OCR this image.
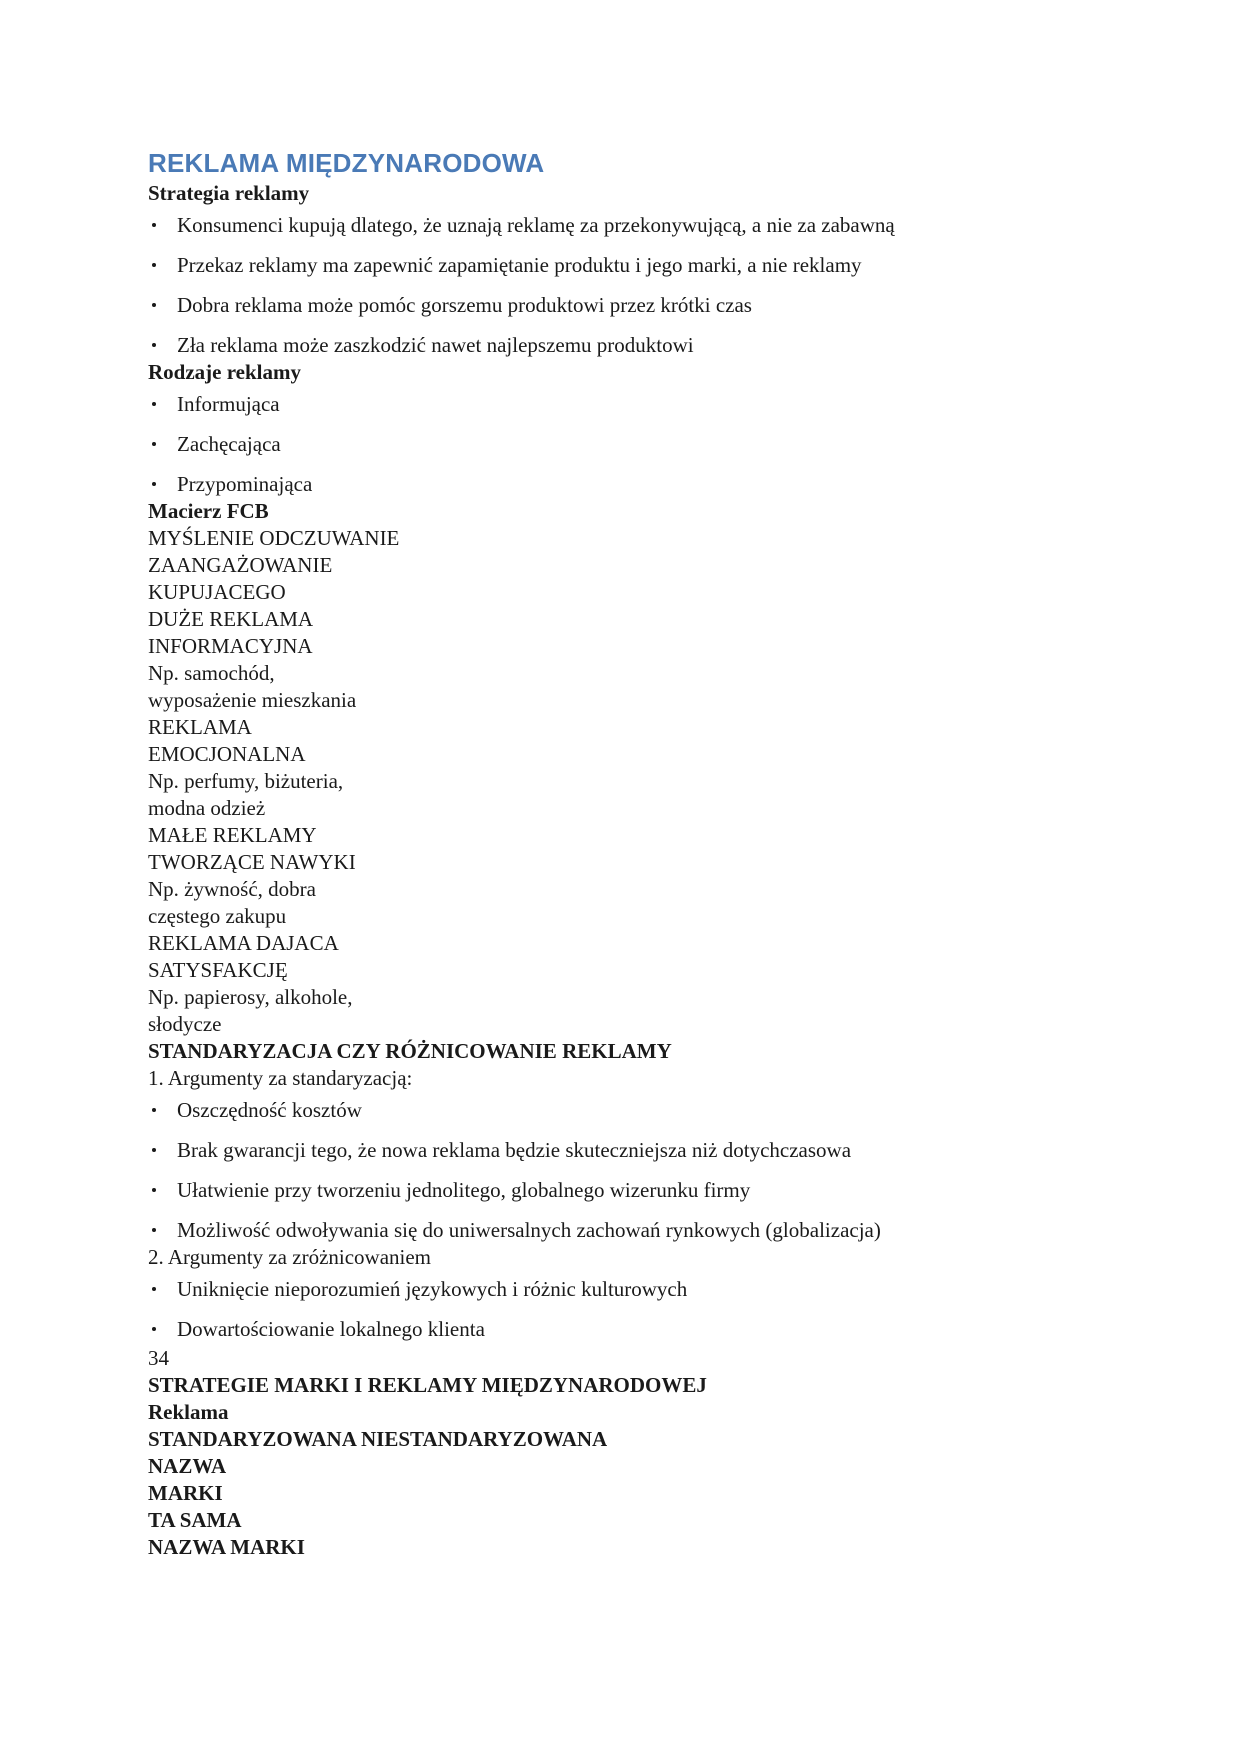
REKLAMA MIĘDZYNARODOWA

Strategia reklamy

Konsumenci kupują dlatego, że uznają reklamę za przekonywującą, a nie za zabawną
Przekaz reklamy ma zapewnić zapamiętanie produktu i jego marki, a nie reklamy
Dobra reklama może pomóc gorszemu produktowi przez krótki czas
Zła reklama może zaszkodzić nawet najlepszemu produktowi

Rodzaje reklamy

Informująca
Zachęcająca
Przypominająca

Macierz FCB

MYŚLENIE ODCZUWANIE

ZAANGAŻOWANIE

KUPUJACEGO

DUŻE REKLAMA

INFORMACYJNA

Np. samochód,

wyposażenie mieszkania

REKLAMA

EMOCJONALNA

Np. perfumy, biżuteria,

modna odzież

MAŁE REKLAMY

TWORZĄCE NAWYKI

Np. żywność, dobra

częstego zakupu

REKLAMA DAJACA

SATYSFAKCJĘ

Np. papierosy, alkohole,

słodycze

STANDARYZACJA CZY RÓŻNICOWANIE REKLAMY

1. Argumenty za standaryzacją:

Oszczędność kosztów
Brak gwarancji tego, że nowa reklama będzie skuteczniejsza niż dotychczasowa
Ułatwienie przy tworzeniu jednolitego, globalnego wizerunku firmy
Możliwość odwoływania się do uniwersalnych zachowań rynkowych (globalizacja)

2. Argumenty za zróżnicowaniem

Uniknięcie nieporozumień językowych i różnic kulturowych
Dowartościowanie lokalnego klienta

34

STRATEGIE MARKI I REKLAMY MIĘDZYNARODOWEJ

Reklama

STANDARYZOWANA NIESTANDARYZOWANA

NAZWA

MARKI

TA SAMA

NAZWA MARKI
